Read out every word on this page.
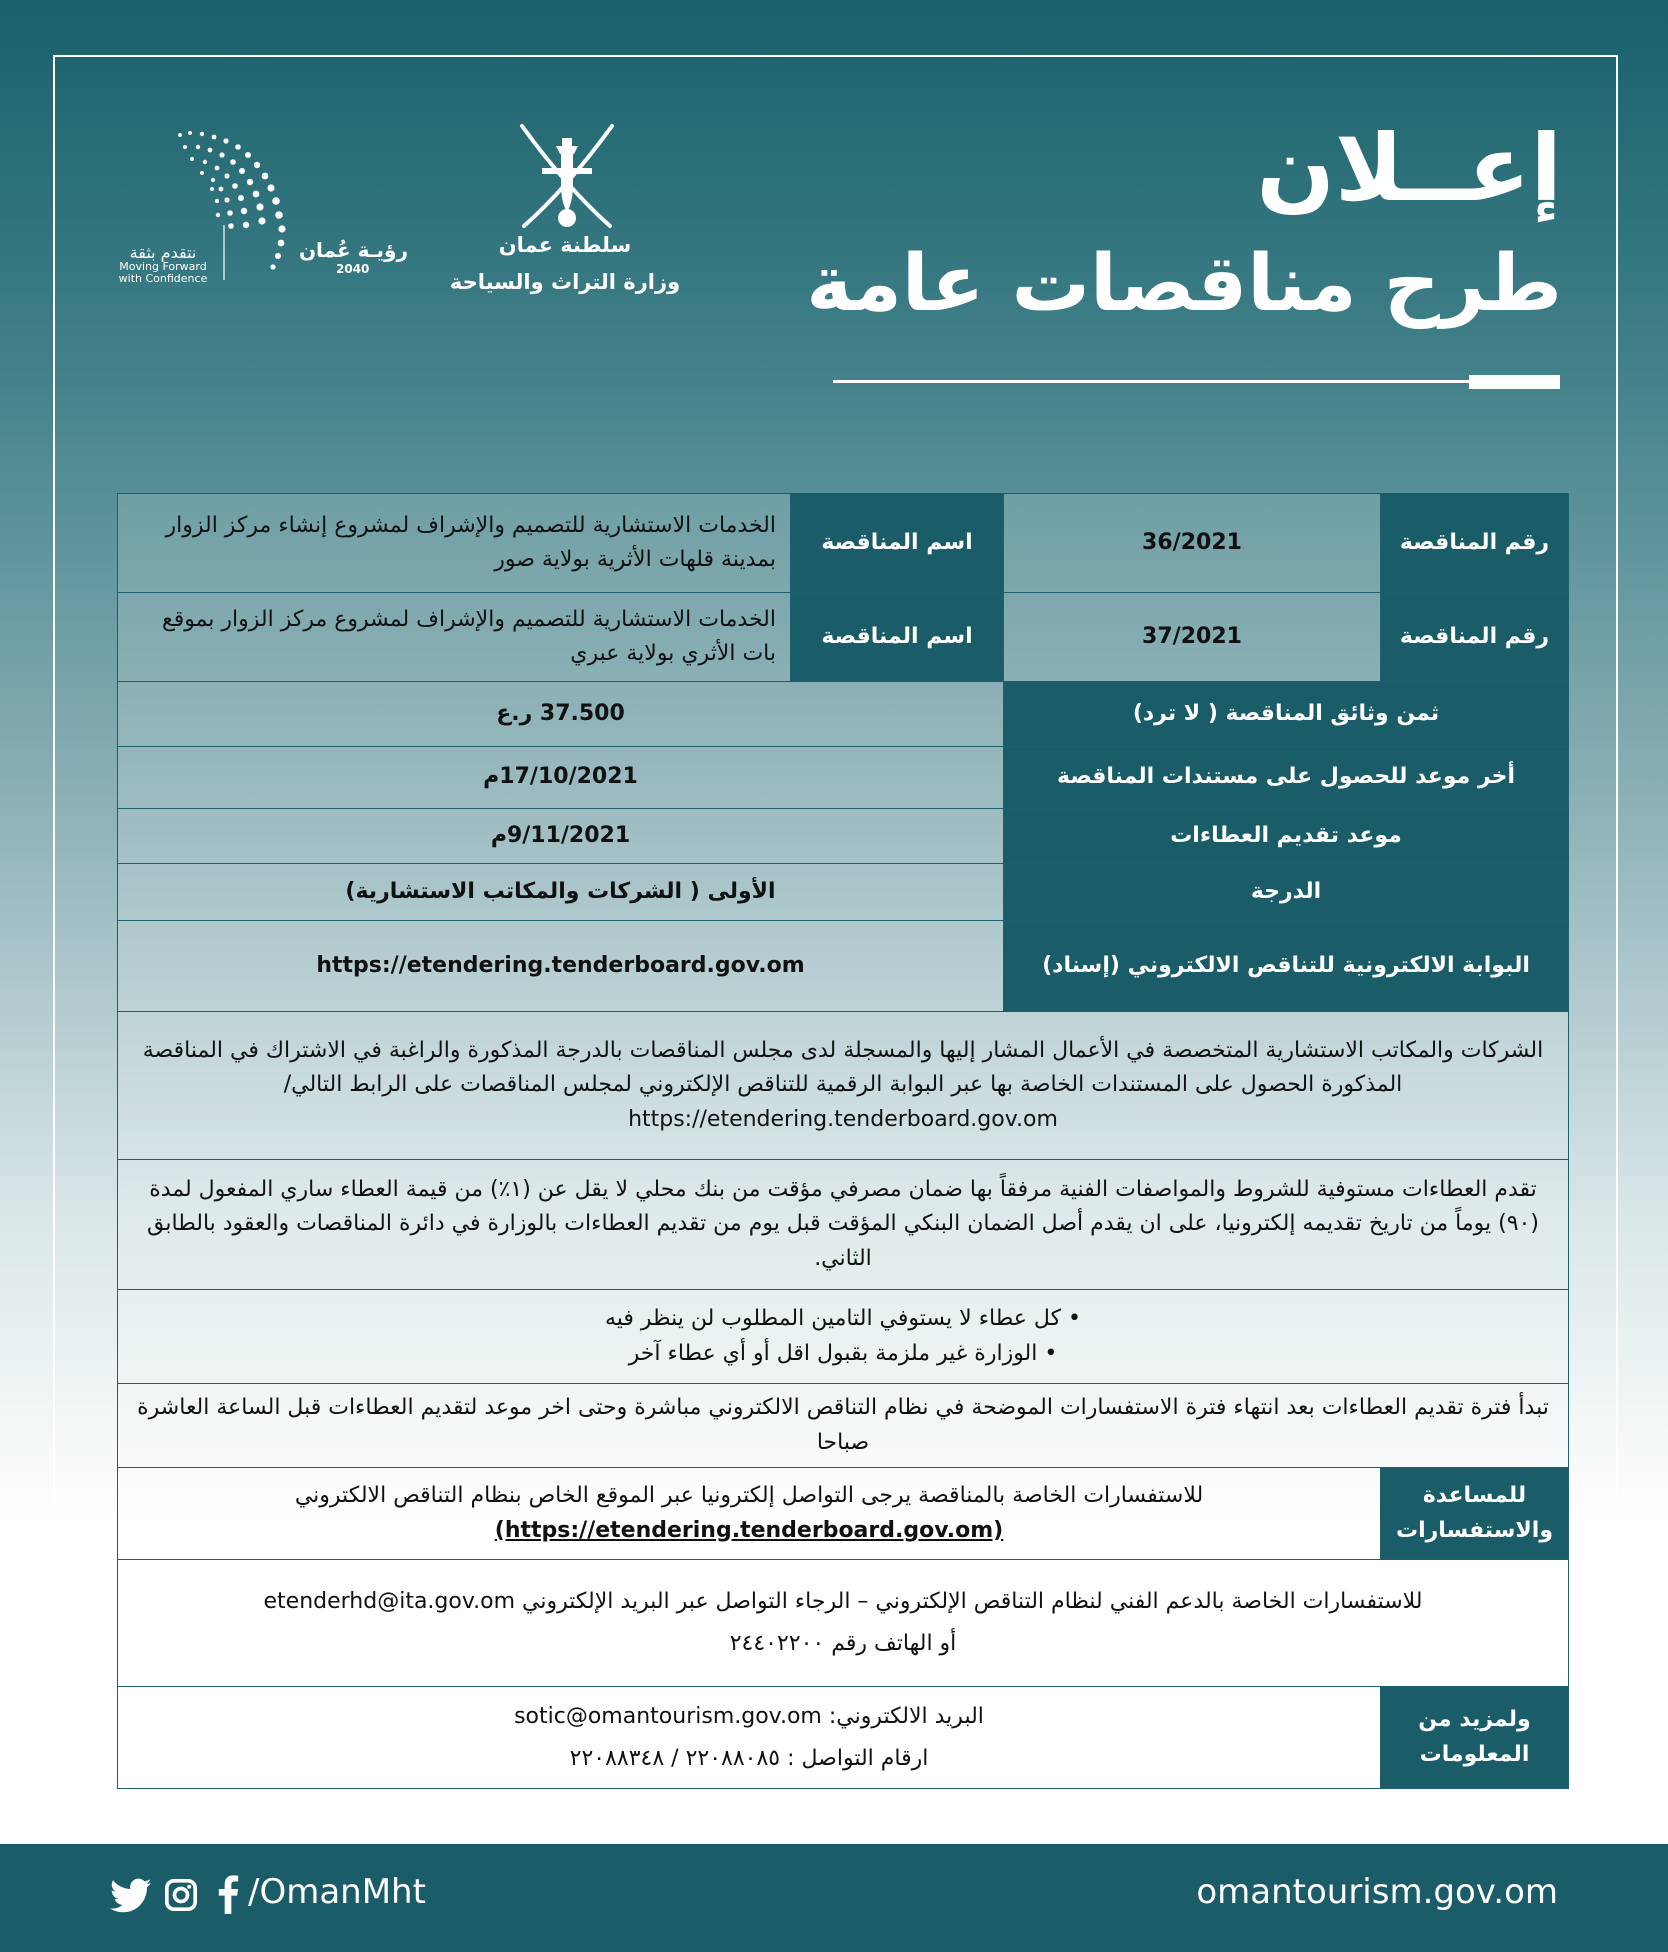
إعــلان
طرح مناقصات عامة
سلطنة عمان
وزارة التراث والسياحة
رؤيـة عُمان
2040
نتقدم بثقة
Moving Forward
with Confidence
رقم المناقصة	36/2021	اسم المناقصة	الخدمات الاستشارية للتصميم والإشراف لمشروع إنشاء مركز الزوار بمدينة قلهات الأثرية بولاية صور
رقم المناقصة	37/2021	اسم المناقصة	الخدمات الاستشارية للتصميم والإشراف لمشروع مركز الزوار بموقع بات الأثري بولاية عبري
ثمن وثائق المناقصة ( لا ترد)		37.500 ر.ع	
أخر موعد للحصول على مستندات المناقصة		17/10/2021م	
موعد تقديم العطاءات		9/11/2021م	
الدرجة		الأولى ( الشركات والمكاتب الاستشارية)	
البوابة الالكترونية للتناقص الالكتروني (إسناد)		https://etendering.tenderboard.gov.om	
الشركات والمكاتب الاستشارية المتخصصة في الأعمال المشار إليها والمسجلة لدى مجلس المناقصات بالدرجة المذكورة والراغبة في الاشتراك في المناقصة المذكورة الحصول على المستندات الخاصة بها عبر البوابة الرقمية للتناقص الإلكتروني لمجلس المناقصات على الرابط التالي/ https://etendering.tenderboard.gov.om			
تقدم العطاءات مستوفية للشروط والمواصفات الفنية مرفقاً بها ضمان مصرفي مؤقت من بنك محلي لا يقل عن (١٪) من قيمة العطاء ساري المفعول لمدة (٩٠) يوماً من تاريخ تقديمه إلكترونيا، على ان يقدم أصل الضمان البنكي المؤقت قبل يوم من تقديم العطاءات بالوزارة في دائرة المناقصات والعقود بالطابق الثاني.			

• كل عطاء لا يستوفي التامين المطلوب لن ينظر فيه
• الوزارة غير ملزمة بقبول اقل أو أي عطاء آخر			

تبدأ فترة تقديم العطاءات بعد انتهاء فترة الاستفسارات الموضحة في نظام التناقص الالكتروني مباشرة وحتى اخر موعد لتقديم العطاءات قبل الساعة العاشرة صباحا			
للمساعدة والاستفسارات	للاستفسارات الخاصة بالمناقصة يرجى التواصل إلكترونيا عبر الموقع الخاص بنظام التناقص الالكتروني
(https://etendering.tenderboard.gov.om)		

للاستفسارات الخاصة بالدعم الفني لنظام التناقص الإلكتروني – الرجاء التواصل عبر البريد الإلكتروني etenderhd@ita.gov.om
أو الهاتف رقم ٢٤٤٠٢٢٠٠			

ولمزيد من المعلومات	البريد الالكتروني: sotic@omantourism.gov.om
ارقام التواصل : ٢٢٠٨٨٠٨٥ / ٢٢٠٨٨٣٤٨		
/OmanMht	omantourism.gov.om
